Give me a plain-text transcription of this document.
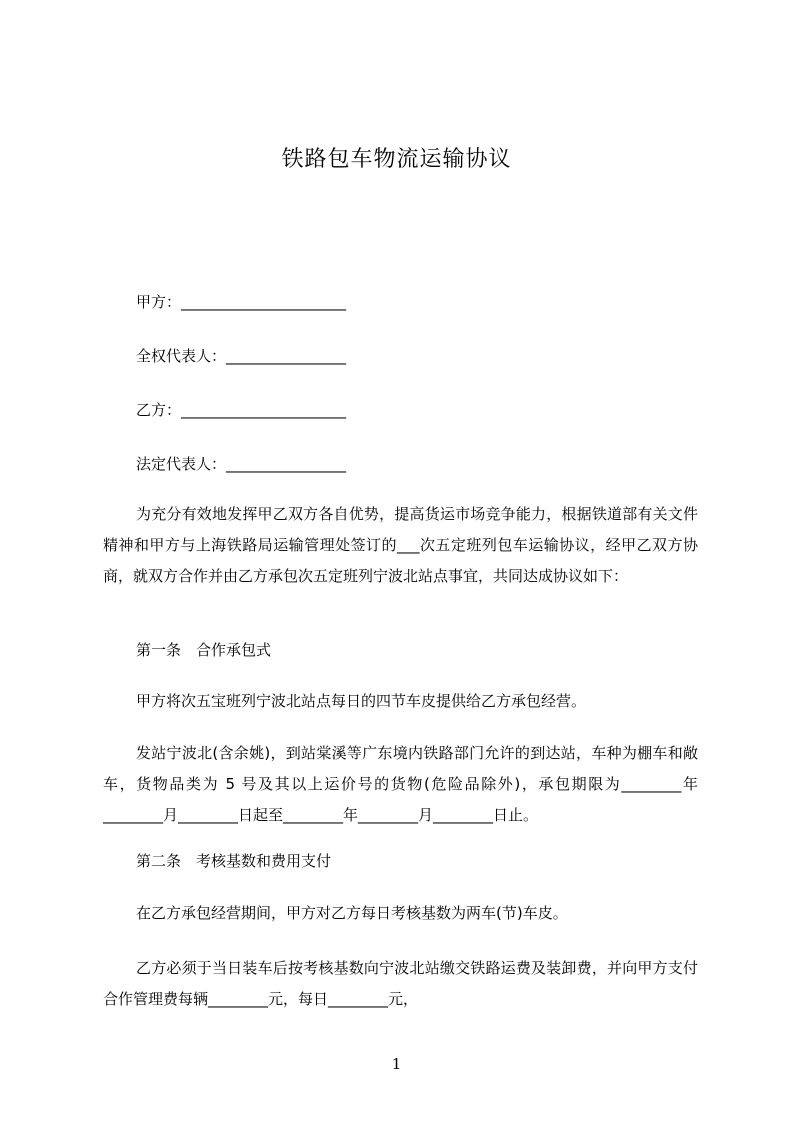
铁路包车物流运输协议
甲方：______________________
全权代表人：________________
乙方：______________________
法定代表人：________________
为充分有效地发挥甲乙双方各自优势，提高货运市场竞争能力，根据铁道部有关文件精神和甲方与上海铁路局运输管理处签订的___次五定班列包车运输协议，经甲乙双方协商，就双方合作并由乙方承包次五定班列宁波北站点事宜，共同达成协议如下：
第一条　合作承包式
甲方将次五宝班列宁波北站点每日的四节车皮提供给乙方承包经营。
发站宁波北(含余姚)，到站棠溪等广东境内铁路部门允许的到达站，车种为棚车和敞车，货物品类为 5 号及其以上运价号的货物(危险品除外)，承包期限为________年________月________日起至________年________月________日止。
第二条　考核基数和费用支付
在乙方承包经营期间，甲方对乙方每日考核基数为两车(节)车皮。
乙方必须于当日装车后按考核基数向宁波北站缴交铁路运费及装卸费，并向甲方支付合作管理费每辆________元，每日________元，
1
